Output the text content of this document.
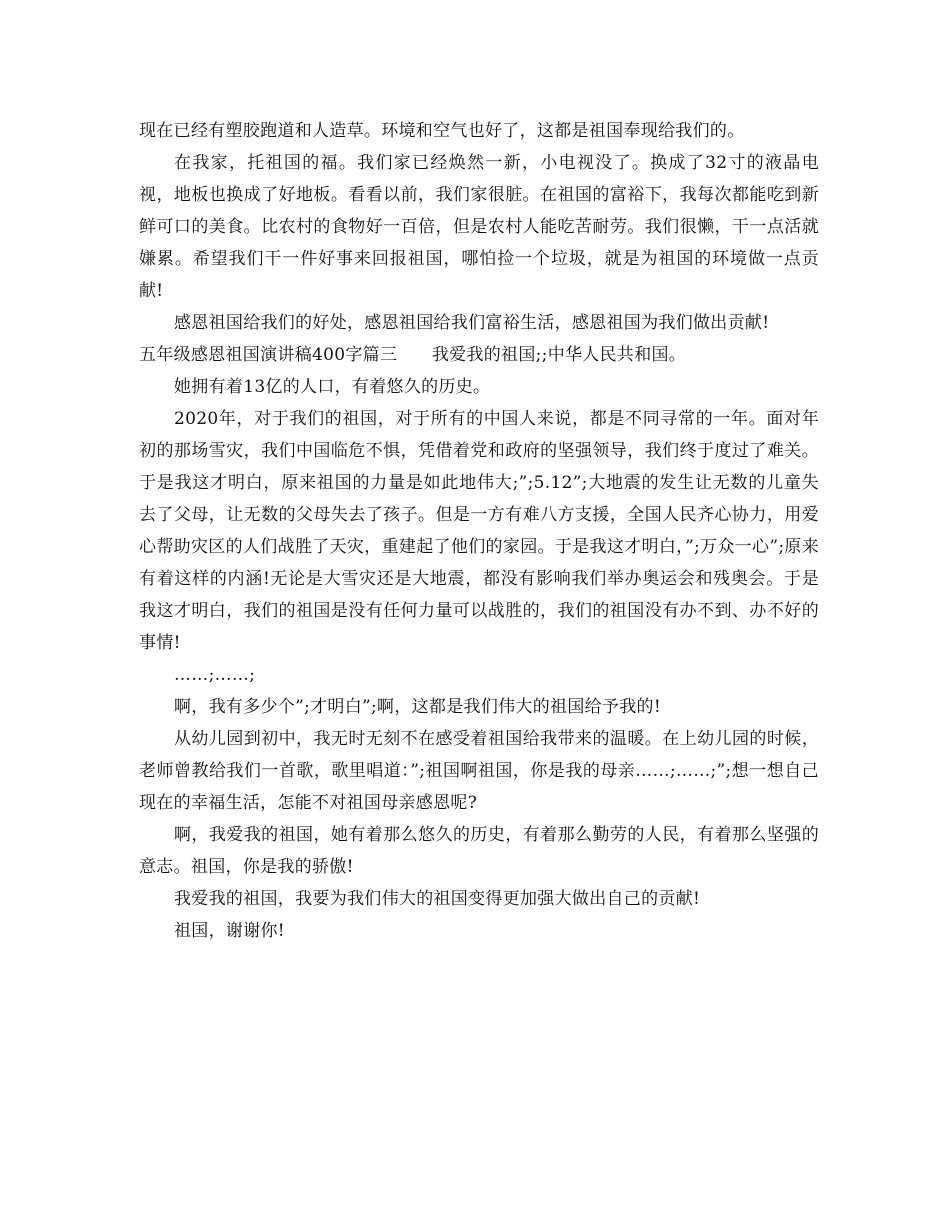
现在已经有塑胶跑道和人造草。环境和空气也好了，这都是祖国奉现给我们的。

在我家，托祖国的福。我们家已经焕然一新，小电视没了。换成了32寸的液晶电视，地板也换成了好地板。看看以前，我们家很脏。在祖国的富裕下，我每次都能吃到新鲜可口的美食。比农村的食物好一百倍，但是农村人能吃苦耐劳。我们很懒，干一点活就嫌累。希望我们干一件好事来回报祖国，哪怕捡一个垃圾，就是为祖国的环境做一点贡献!

感恩祖国给我们的好处，感恩祖国给我们富裕生活，感恩祖国为我们做出贡献!

五年级感恩祖国演讲稿400字篇三　　我爱我的祖国;;中华人民共和国。

她拥有着13亿的人口，有着悠久的历史。

2020年，对于我们的祖国，对于所有的中国人来说，都是不同寻常的一年。面对年初的那场雪灾，我们中国临危不惧，凭借着党和政府的坚强领导，我们终于度过了难关。于是我这才明白，原来祖国的力量是如此地伟大;”;5.12”;大地震的发生让无数的儿童失去了父母，让无数的父母失去了孩子。但是一方有难八方支援，全国人民齐心协力，用爱心帮助灾区的人们战胜了天灾，重建起了他们的家园。于是我这才明白，”;万众一心”;原来有着这样的内涵!无论是大雪灾还是大地震，都没有影响我们举办奥运会和残奥会。于是我这才明白，我们的祖国是没有任何力量可以战胜的，我们的祖国没有办不到、办不好的事情!

……;……;

啊，我有多少个”;才明白”;啊，这都是我们伟大的祖国给予我的!

从幼儿园到初中，我无时无刻不在感受着祖国给我带来的温暖。在上幼儿园的时候，老师曾教给我们一首歌，歌里唱道：”;祖国啊祖国，你是我的母亲……;……;”;想一想自己现在的幸福生活，怎能不对祖国母亲感恩呢?

啊，我爱我的祖国，她有着那么悠久的历史，有着那么勤劳的人民，有着那么坚强的意志。祖国，你是我的骄傲!

我爱我的祖国，我要为我们伟大的祖国变得更加强大做出自己的贡献!

祖国，谢谢你!
